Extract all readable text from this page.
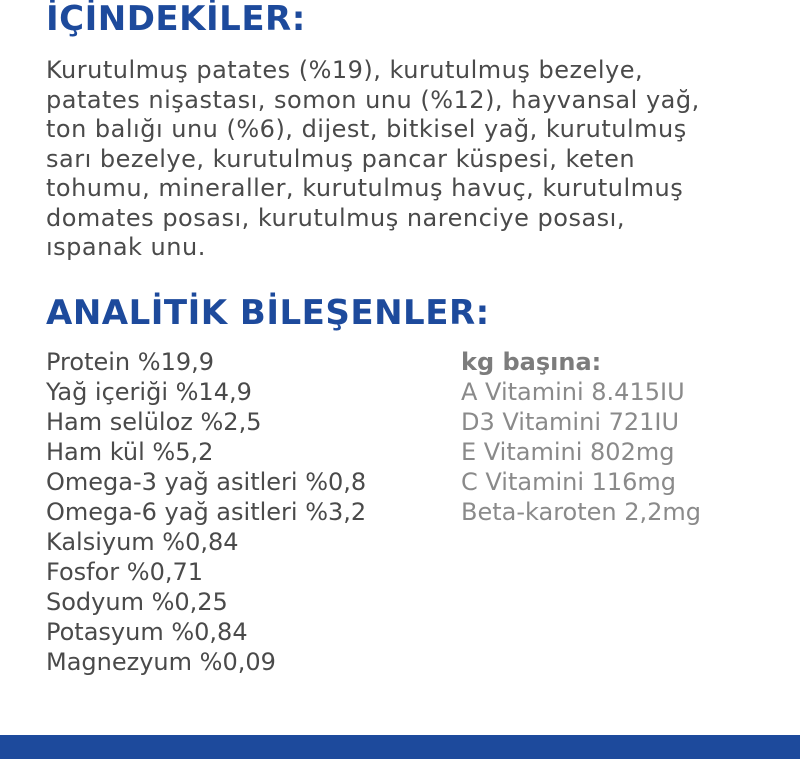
İÇİNDEKİLER:

Kurutulmuş patates (%19), kurutulmuş bezelye,
patates nişastası, somon unu (%12), hayvansal yağ,
ton balığı unu (%6), dijest, bitkisel yağ, kurutulmuş
sarı bezelye, kurutulmuş pancar küspesi, keten
tohumu, mineraller, kurutulmuş havuç, kurutulmuş
domates posası, kurutulmuş narenciye posası,
ıspanak unu.

ANALİTİK BİLEŞENLER:
Protein %19,9
Yağ içeriği %14,9
Ham selüloz %2,5
Ham kül %5,2
Omega-3 yağ asitleri %0,8
Omega-6 yağ asitleri %3,2
Kalsiyum %0,84
Fosfor %0,71
Sodyum %0,25
Potasyum %0,84
Magnezyum %0,09
kg başına:
A Vitamini 8.415IU
D3 Vitamini 721IU
E Vitamini 802mg
C Vitamini 116mg
Beta-karoten 2,2mg
